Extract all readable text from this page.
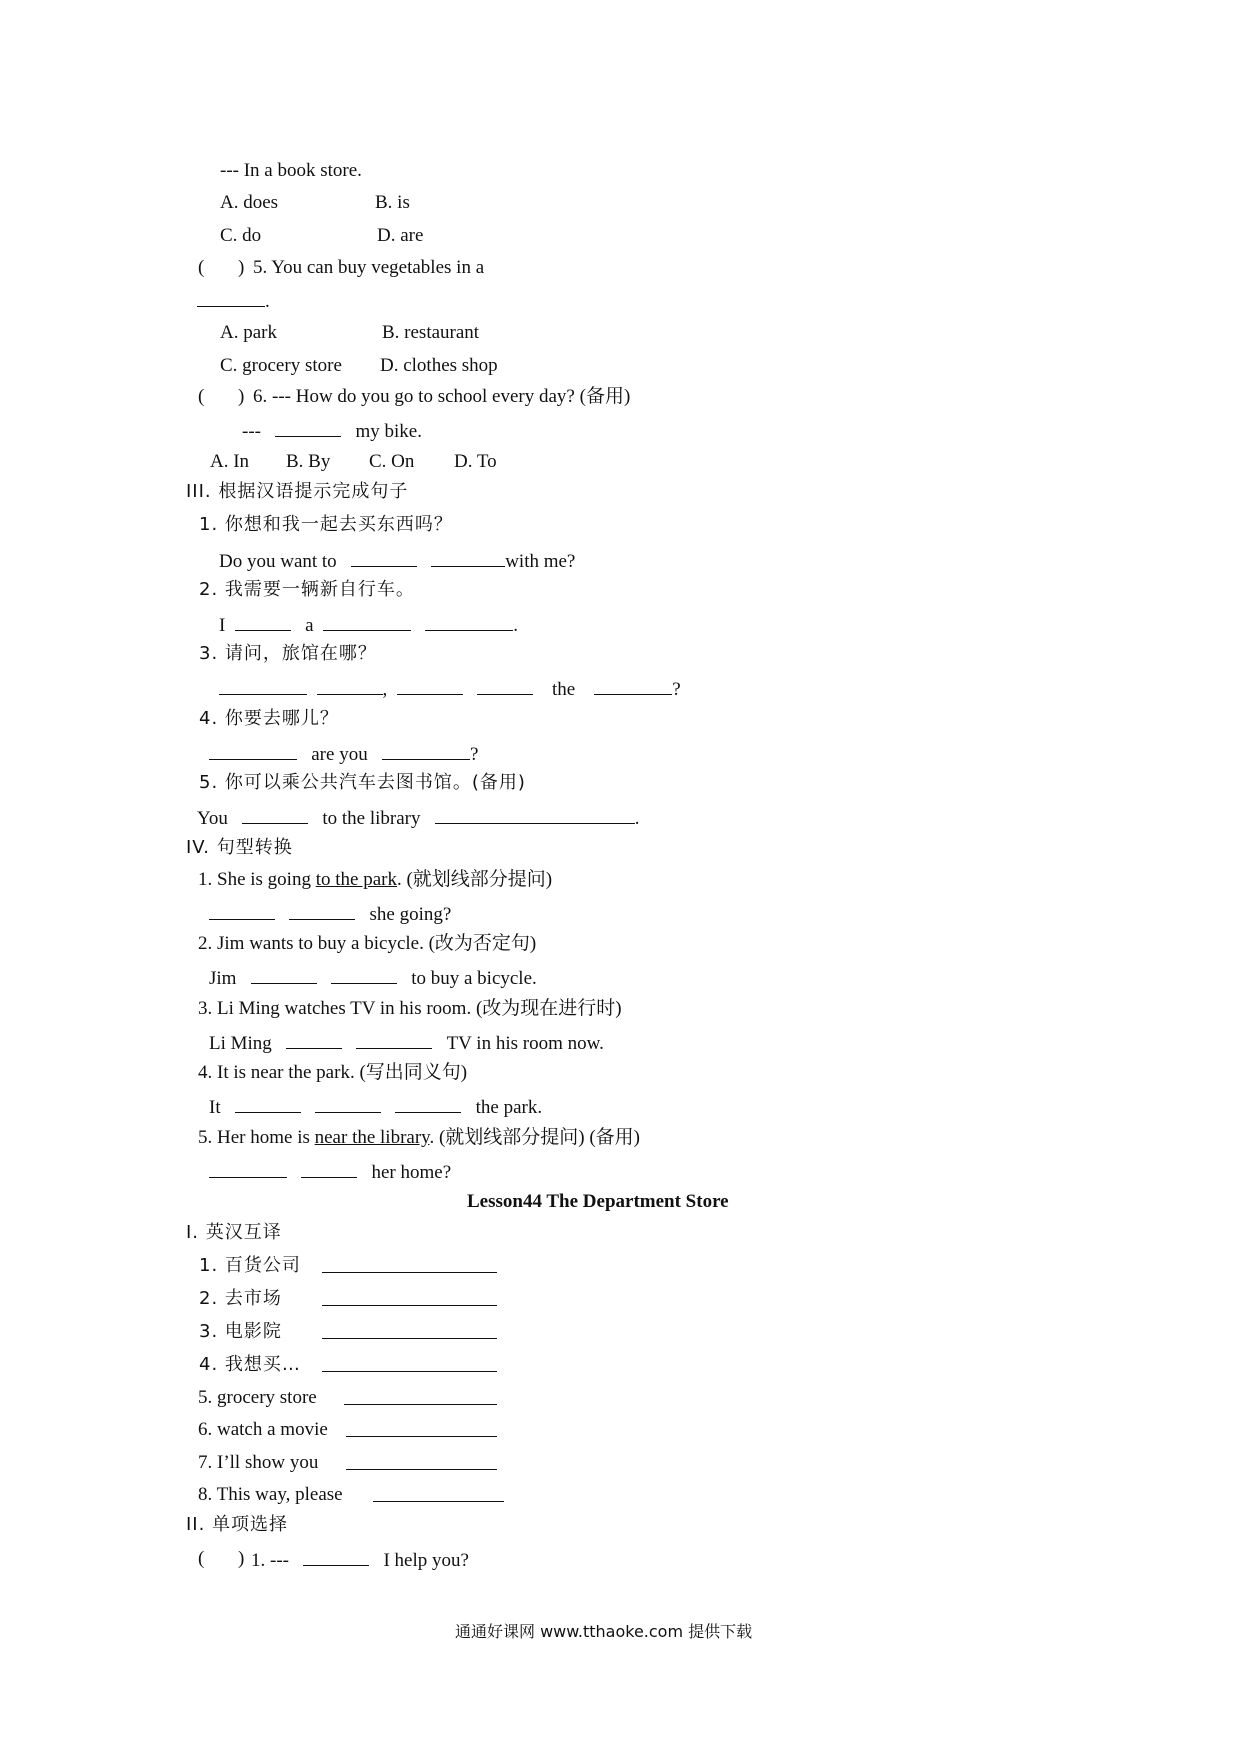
--- In a book store.
A. does	B. is
C. do	D. are
( ) 5. You can buy vegetables in a
.
A. park	B. restaurant
C. grocery store D. clothes shop
( ) 6. --- How do you go to school every day? (备用)
---	my bike.
A. In B. By C. On D. To
III. 根据汉语提示完成句子
1. 你想和我一起去买东西吗？
Do you want to	with me?
2. 我需要一辆新自行车。
I	a	.
3. 请问，旅馆在哪？
,	the	?
4. 你要去哪儿？
are you	?
5. 你可以乘公共汽车去图书馆。(备用)
You	to the library	.
IV. 句型转换
1. She is going to the park. (就划线部分提问)
she going?
2. Jim wants to buy a bicycle. (改为否定句)
Jim	to buy a bicycle.
3. Li Ming watches TV in his room. (改为现在进行时)
Li Ming	TV in his room now.
4. It is near the park. (写出同义句)
It	the park.
5. Her home is near the library. (就划线部分提问) (备用)
her home?
Lesson44 The Department Store
I. 英汉互译
1. 百货公司
2. 去市场
3. 电影院
4. 我想买…
5. grocery store
6. watch a movie
7. I’ll show you
8. This way, please
II. 单项选择
( ) 1. ---	I help you?
通通好课网 www.tthaoke.com 提供下载
